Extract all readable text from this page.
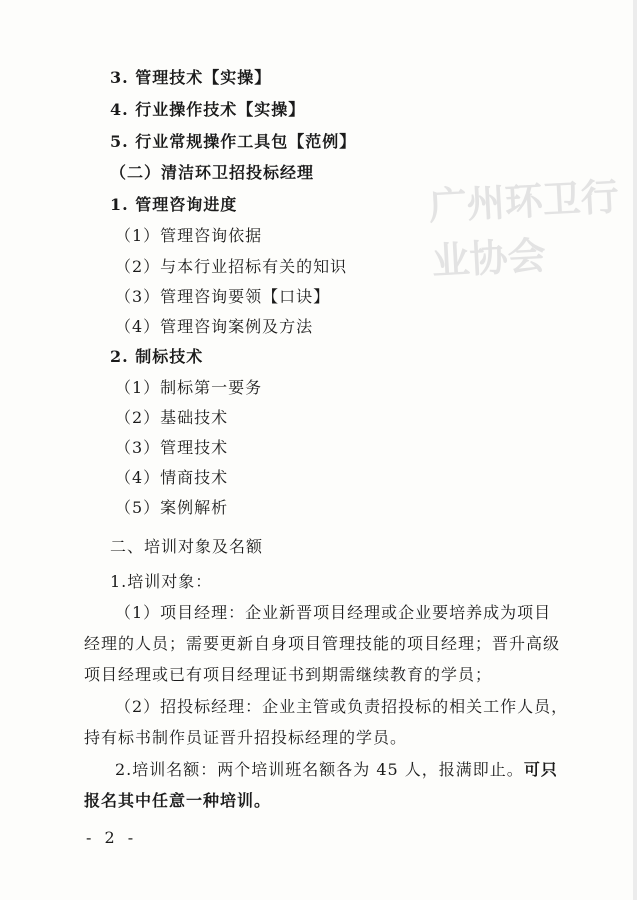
广州环卫行业协会
3. 管理技术【实操】
4. 行业操作技术【实操】
5. 行业常规操作工具包【范例】
（二）清洁环卫招投标经理
1. 管理咨询进度
（1）管理咨询依据
（2）与本行业招标有关的知识
（3）管理咨询要领【口诀】
（4）管理咨询案例及方法
2. 制标技术
（1）制标第一要务
（2）基础技术
（3）管理技术
（4）情商技术
（5）案例解析
二、培训对象及名额
1.培训对象：
（1）项目经理：企业新晋项目经理或企业要培养成为项目
经理的人员；需要更新自身项目管理技能的项目经理；晋升高级
项目经理或已有项目经理证书到期需继续教育的学员；
（2）招投标经理：企业主管或负责招投标的相关工作人员，
持有标书制作员证晋升招投标经理的学员。
2.培训名额：两个培训班名额各为 45 人，报满即止。可只
报名其中任意一种培训。
- 2 -
